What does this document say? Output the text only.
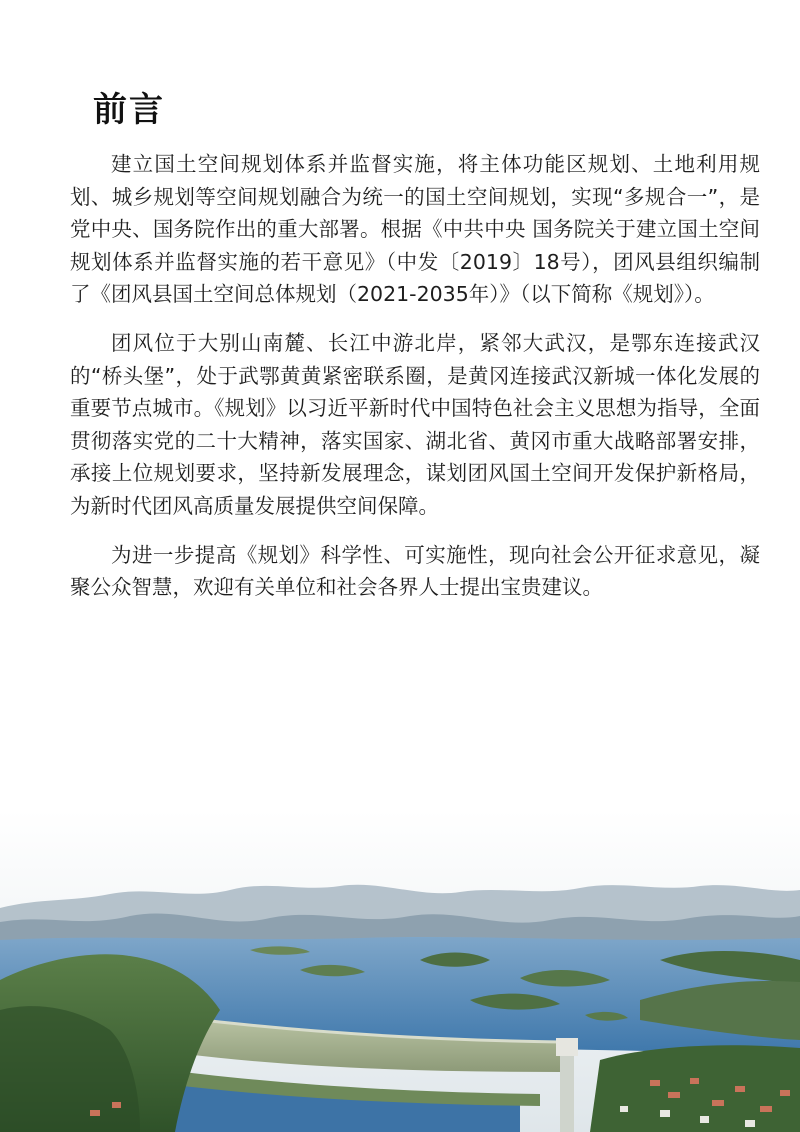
前言

建立国土空间规划体系并监督实施，将主体功能区规划、土地利用规划、城乡规划等空间规划融合为统一的国土空间规划，实现“多规合一”，是党中央、国务院作出的重大部署。根据《中共中央 国务院关于建立国土空间规划体系并监督实施的若干意见》（中发〔2019〕18号），团风县组织编制了《团风县国土空间总体规划（2021-2035年）》（以下简称《规划》）。

团风位于大别山南麓、长江中游北岸，紧邻大武汉，是鄂东连接武汉的“桥头堡”，处于武鄂黄黄紧密联系圈，是黄冈连接武汉新城一体化发展的重要节点城市。《规划》以习近平新时代中国特色社会主义思想为指导，全面贯彻落实党的二十大精神，落实国家、湖北省、黄冈市重大战略部署安排，承接上位规划要求，坚持新发展理念，谋划团风国土空间开发保护新格局，为新时代团风高质量发展提供空间保障。

为进一步提高《规划》科学性、可实施性，现向社会公开征求意见，凝聚公众智慧，欢迎有关单位和社会各界人士提出宝贵建议。
